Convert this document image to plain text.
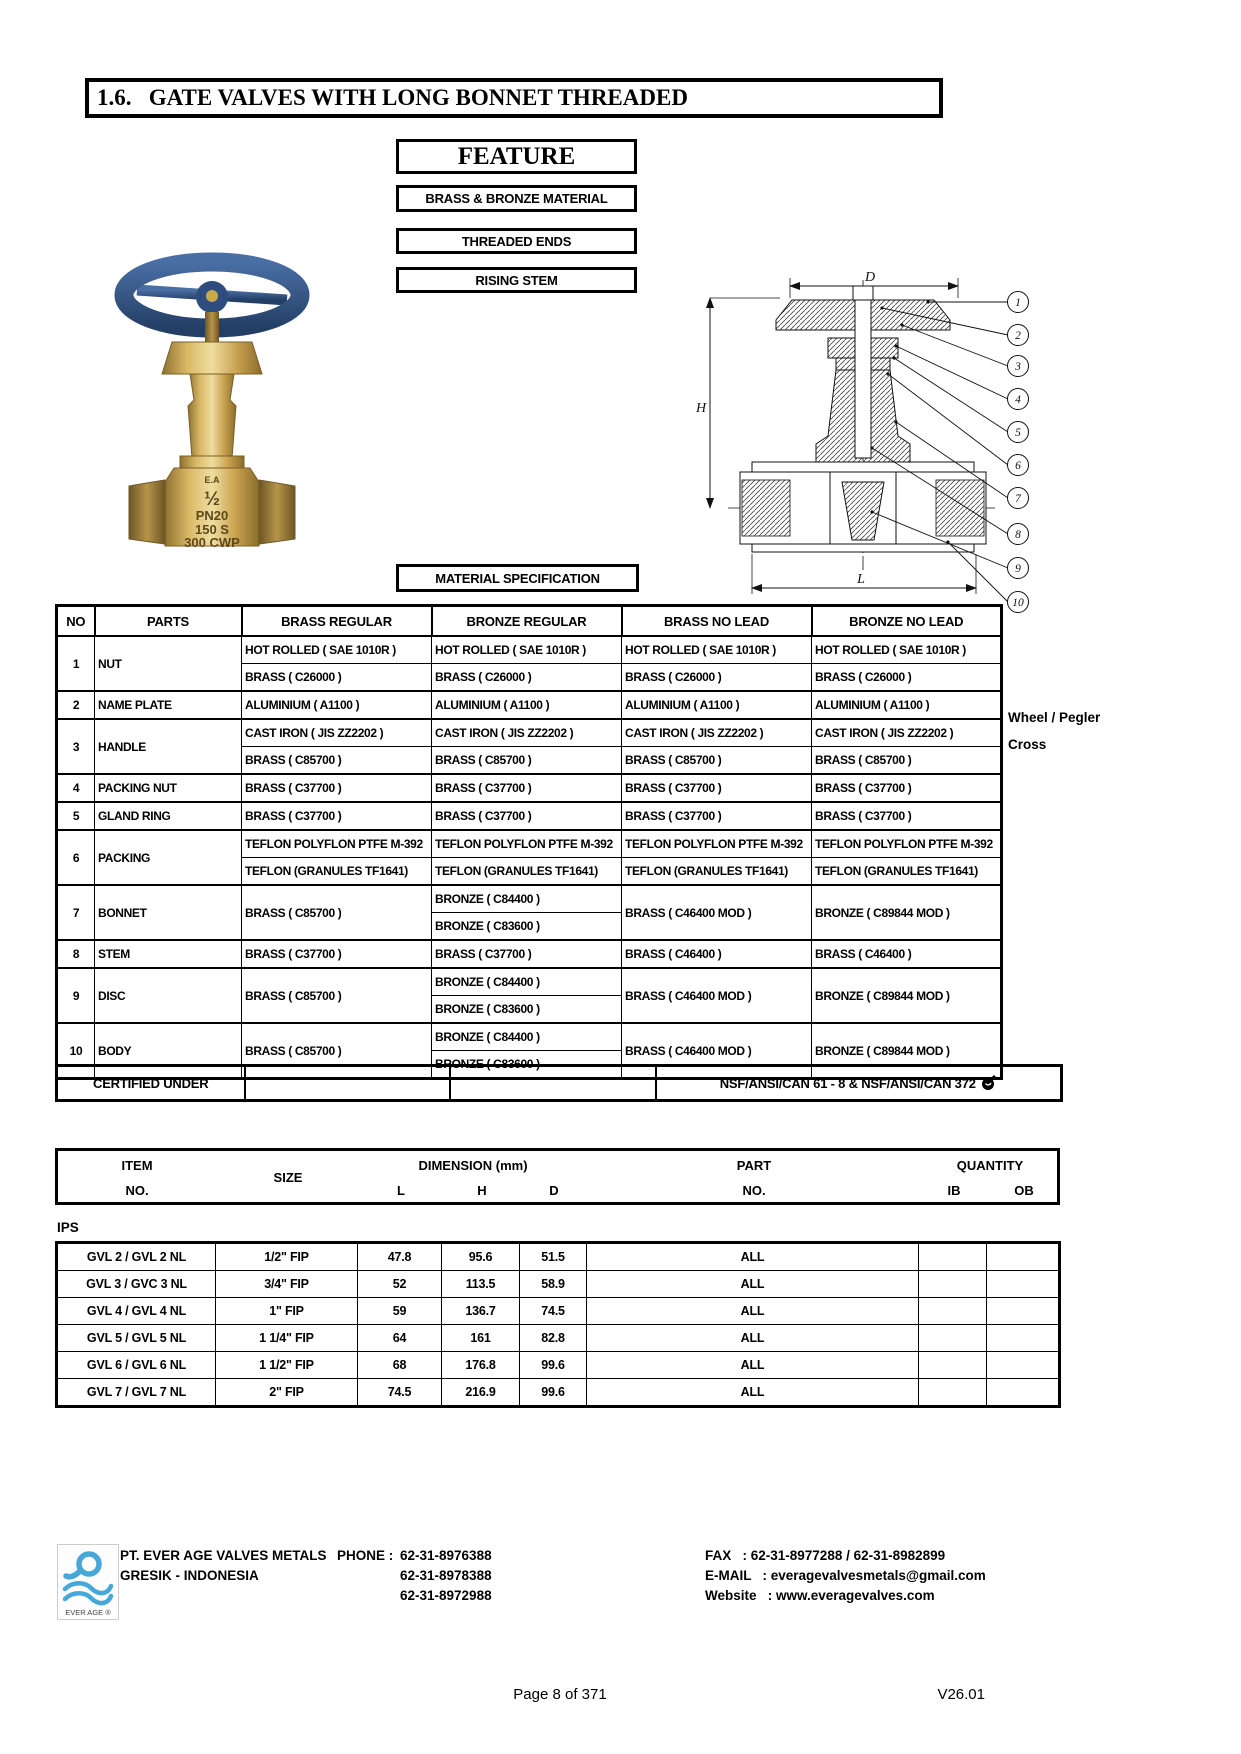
1.6.   GATE VALVES WITH LONG BONNET THREADED
FEATURE
BRASS & BRONZE MATERIAL
THREADED ENDS
RISING STEM
E.A
½
PN20
150 S
300 CWP
D
H
L
1
2
3
4
5
6
7
8
9
10
MATERIAL SPECIFICATION
NO	PARTS	BRASS REGULAR	BRONZE REGULAR	BRASS NO LEAD	BRONZE NO LEAD
1	NUT	HOT ROLLED ( SAE 1010R )	HOT ROLLED ( SAE 1010R )	HOT ROLLED ( SAE 1010R )	HOT ROLLED ( SAE 1010R )
		BRASS ( C26000 )	BRASS ( C26000 )	BRASS ( C26000 )	BRASS ( C26000 )
2	NAME PLATE	ALUMINIUM ( A1100 )	ALUMINIUM ( A1100 )	ALUMINIUM ( A1100 )	ALUMINIUM ( A1100 )
3	HANDLE	CAST IRON ( JIS ZZ2202 )	CAST IRON ( JIS ZZ2202 )	CAST IRON ( JIS ZZ2202 )	CAST IRON ( JIS ZZ2202 )
		BRASS ( C85700 )	BRASS ( C85700 )	BRASS ( C85700 )	BRASS ( C85700 )
4	PACKING NUT	BRASS ( C37700 )	BRASS ( C37700 )	BRASS ( C37700 )	BRASS ( C37700 )
5	GLAND RING	BRASS ( C37700 )	BRASS ( C37700 )	BRASS ( C37700 )	BRASS ( C37700 )
6	PACKING	TEFLON POLYFLON PTFE M-392	TEFLON POLYFLON PTFE M-392	TEFLON POLYFLON PTFE M-392	TEFLON POLYFLON PTFE M-392
		TEFLON (GRANULES TF1641)	TEFLON (GRANULES TF1641)	TEFLON (GRANULES TF1641)	TEFLON (GRANULES TF1641)
7	BONNET	BRASS ( C85700 )	BRONZE ( C84400 )	BRASS ( C46400 MOD )	BRONZE ( C89844 MOD )
			BRONZE ( C83600 )		
8	STEM	BRASS ( C37700 )	BRASS ( C37700 )	BRASS ( C46400 )	BRASS ( C46400 )
9	DISC	BRASS ( C85700 )	BRONZE ( C84400 )	BRASS ( C46400 MOD )	BRONZE ( C89844 MOD )
			BRONZE ( C83600 )		
10	BODY	BRASS ( C85700 )	BRONZE ( C84400 )	BRASS ( C46400 MOD )	BRONZE ( C89844 MOD )
			BRONZE ( C83600 )		
Wheel / Pegler
Cross
CERTIFIED UNDER			NSF/ANSI/CAN 61 - 8 & NSF/ANSI/CAN 372
ITEM
NO.
SIZE
DIMENSION (mm)
L	H	D
PART
NO.
QUANTITY
IB	OB
IPS
GVL 2 / GVL 2 NL	1/2" FIP	47.8	95.6	51.5	ALL		
GVL 3 / GVC 3 NL	3/4" FIP	52	113.5	58.9	ALL		
GVL 4 / GVL 4 NL	1" FIP	59	136.7	74.5	ALL		
GVL 5 / GVL 5 NL	1 1/4" FIP	64	161	82.8	ALL		
GVL 6 / GVL 6 NL	1 1/2" FIP	68	176.8	99.6	ALL		
GVL 7 / GVL 7 NL	2" FIP	74.5	216.9	99.6	ALL		
EVER AGE ®
PT. EVER AGE VALVES METALS
GRESIK - INDONESIA
PHONE : 62-31-8976388
62-31-8978388
62-31-8972988
FAX   : 62-31-8977288 / 62-31-8982899
E-MAIL   : everagevalvesmetals@gmail.com
Website   : www.everagevalves.com
Page 8 of 371	V26.01
